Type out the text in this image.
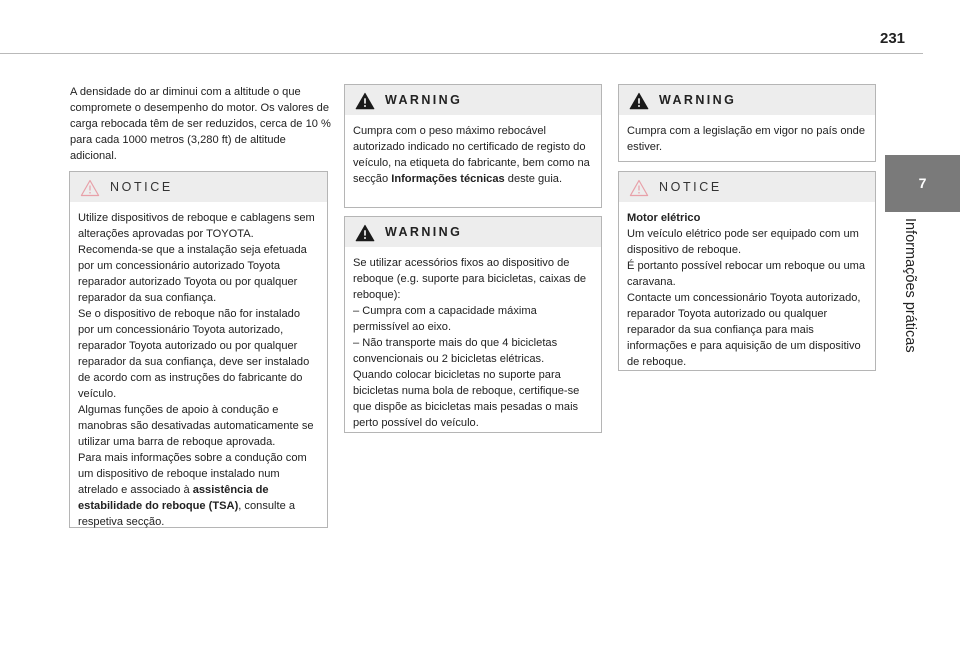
231
7
Informações práticas
A densidade do ar diminui com a altitude o que compromete o desempenho do motor. Os valores de carga rebocada têm de ser reduzidos, cerca de 10 % para cada 1000 metros (3,280 ft) de altitude adicional.
NOTICE

Utilize dispositivos de reboque e cablagens sem alterações aprovadas por TOYOTA. Recomenda-se que a instalação seja efetuada por um concessionário autorizado Toyota reparador autorizado Toyota ou por qualquer reparador da sua confiança.

Se o dispositivo de reboque não for instalado por um concessionário Toyota autorizado, reparador Toyota autorizado ou por qualquer reparador da sua confiança, deve ser instalado de acordo com as instruções do fabricante do veículo.

Algumas funções de apoio à condução e manobras são desativadas automaticamente se utilizar uma barra de reboque aprovada.

Para mais informações sobre a condução com um dispositivo de reboque instalado num atrelado e associado à assistência de estabilidade do reboque (TSA), consulte a respetiva secção.

WARNING

Cumpra com o peso máximo rebocável autorizado indicado no certificado de registo do veículo, na etiqueta do fabricante, bem como na secção Informações técnicas deste guia.

WARNING

Se utilizar acessórios fixos ao dispositivo de reboque (e.g. suporte para bicicletas, caixas de reboque):

– Cumpra com a capacidade máxima permissível ao eixo.

– Não transporte mais do que 4 bicicletas convencionais ou 2 bicicletas elétricas.

Quando colocar bicicletas no suporte para bicicletas numa bola de reboque, certifique-se que dispõe as bicicletas mais pesadas o mais perto possível do veículo.

WARNING

Cumpra com a legislação em vigor no país onde estiver.

NOTICE

Motor elétrico

Um veículo elétrico pode ser equipado com um dispositivo de reboque.

É portanto possível rebocar um reboque ou uma caravana.

Contacte um concessionário Toyota autorizado, reparador Toyota autorizado ou qualquer reparador da sua confiança para mais informações e para aquisição de um dispositivo de reboque.
